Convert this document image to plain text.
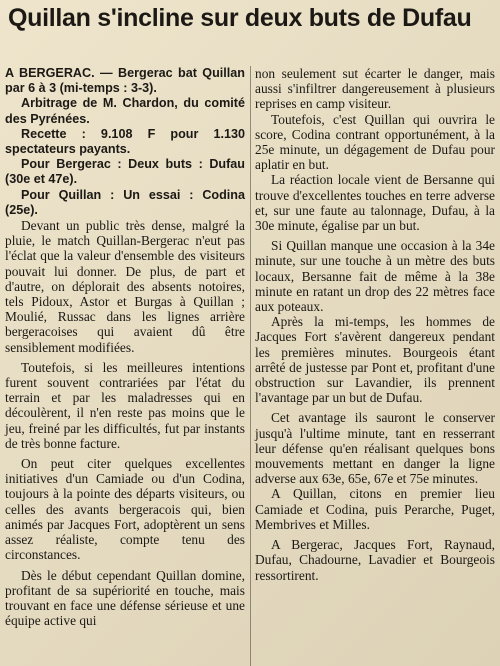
Quillan s'incline sur deux buts de Dufau

A BERGERAC. — Bergerac bat Quillan par 6 à 3 (mi-temps : 3-3).

Arbitrage de M. Chardon, du comité des Pyrénées.

Recette : 9.108 F pour 1.130 spectateurs payants.

Pour Bergerac : Deux buts : Dufau (30e et 47e).

Pour Quillan : Un essai : Codina (25e).

Devant un public très dense, malgré la pluie, le match Quillan-Bergerac n'eut pas l'éclat que la valeur d'ensemble des visiteurs pouvait lui donner. De plus, de part et d'autre, on déplorait des absents notoires, tels Pidoux, Astor et Burgas à Quillan ; Moulié, Russac dans les lignes arrière bergeracoises qui avaient dû être sensiblement modifiées.

Toutefois, si les meilleures intentions furent souvent contrariées par l'état du terrain et par les maladresses qui en découlèrent, il n'en reste pas moins que le jeu, freiné par les difficultés, fut par instants de très bonne facture.

On peut citer quelques excellentes initiatives d'un Camiade ou d'un Codina, toujours à la pointe des départs visiteurs, ou celles des avants bergeracois qui, bien animés par Jacques Fort, adoptèrent un sens assez réaliste, compte tenu des circonstances.

Dès le début cependant Quillan domine, profitant de sa supériorité en touche, mais trouvant en face une défense sérieuse et une équipe active qui

non seulement sut écarter le danger, mais aussi s'infiltrer dangereusement à plusieurs reprises en camp visiteur.

Toutefois, c'est Quillan qui ouvrira le score, Codina contrant opportunément, à la 25e minute, un dégagement de Dufau pour aplatir en but.

La réaction locale vient de Bersanne qui trouve d'excellentes touches en terre adverse et, sur une faute au talonnage, Dufau, à la 30e minute, égalise par un but.

Si Quillan manque une occasion à la 34e minute, sur une touche à un mètre des buts locaux, Bersanne fait de même à la 38e minute en ratant un drop des 22 mètres face aux poteaux.

Après la mi-temps, les hommes de Jacques Fort s'avèrent dangereux pendant les premières minutes. Bourgeois étant arrêté de justesse par Pont et, profitant d'une obstruction sur Lavandier, ils prennent l'avantage par un but de Dufau.

Cet avantage ils sauront le conserver jusqu'à l'ultime minute, tant en resserrant leur défense qu'en réalisant quelques bons mouvements mettant en danger la ligne adverse aux 63e, 65e, 67e et 75e minutes.

A Quillan, citons en premier lieu Camiade et Codina, puis Perarche, Puget, Membrives et Milles.

A Bergerac, Jacques Fort, Raynaud, Dufau, Chadourne, Lavadier et Bourgeois ressortirent.
